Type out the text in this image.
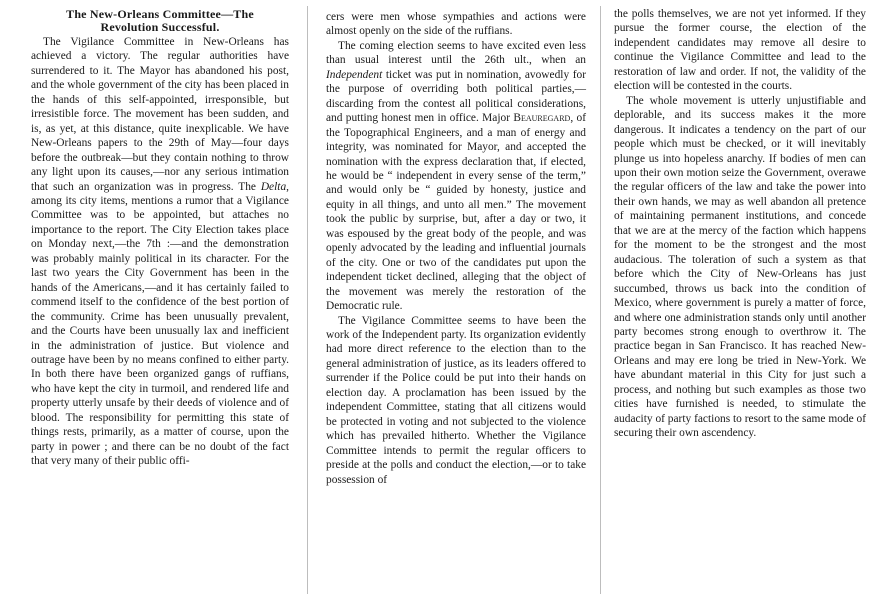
The New-Orleans Committee—The
Revolution Successful.

The Vigilance Committee in New-Orleans has achieved a victory. The regular authorities have surrendered to it. The Mayor has abandoned his post, and the whole government of the city has been placed in the hands of this self-appointed, irresponsible, but irresistible force. The movement has been sudden, and is, as yet, at this distance, quite inexplicable. We have New-Orleans papers to the 29th of May—four days before the outbreak—but they contain nothing to throw any light upon its causes,—nor any serious intimation that such an organization was in progress. The Delta, among its city items, mentions a rumor that a Vigilance Committee was to be appointed, but attaches no importance to the report. The City Election takes place on Monday next,—the 7th :—and the demonstration was probably mainly political in its character. For the last two years the City Government has been in the hands of the Americans,—and it has certainly failed to commend itself to the confidence of the best portion of the community. Crime has been unusually prevalent, and the Courts have been unusually lax and inefficient in the administration of justice. But violence and outrage have been by no means confined to either party. In both there have been organized gangs of ruffians, who have kept the city in turmoil, and rendered life and property utterly unsafe by their deeds of violence and of blood. The responsibility for permitting this state of things rests, primarily, as a matter of course, upon the party in power ; and there can be no doubt of the fact that very many of their public offi-

cers were men whose sympathies and actions were almost openly on the side of the ruffians.

The coming election seems to have excited even less than usual interest until the 26th ult., when an Independent ticket was put in nomination, avowedly for the purpose of overriding both political parties,—discarding from the contest all political considerations, and putting honest men in office. Major Beauregard, of the Topographical Engineers, and a man of energy and integrity, was nominated for Mayor, and accepted the nomination with the express declaration that, if elected, he would be “ independent in every sense of the term,” and would only be “ guided by honesty, justice and equity in all things, and unto all men.” The movement took the public by surprise, but, after a day or two, it was espoused by the great body of the people, and was openly advocated by the leading and influential journals of the city. One or two of the candidates put upon the independent ticket declined, alleging that the object of the movement was merely the restoration of the Democratic rule.

The Vigilance Committee seems to have been the work of the Independent party. Its organization evidently had more direct reference to the election than to the general administration of justice, as its leaders offered to surrender if the Police could be put into their hands on election day. A proclamation has been issued by the independent Committee, stating that all citizens would be protected in voting and not subjected to the violence which has prevailed hitherto. Whether the Vigilance Committee intends to permit the regular officers to preside at the polls and conduct the election,—or to take possession of

the polls themselves, we are not yet informed. If they pursue the former course, the election of the independent candidates may remove all desire to continue the Vigilance Committee and lead to the restoration of law and order. If not, the validity of the election will be contested in the courts.

The whole movement is utterly unjustifiable and deplorable, and its success makes it the more dangerous. It indicates a tendency on the part of our people which must be checked, or it will inevitably plunge us into hopeless anarchy. If bodies of men can upon their own motion seize the Government, overawe the regular officers of the law and take the power into their own hands, we may as well abandon all pretence of maintaining permanent institutions, and concede that we are at the mercy of the faction which happens for the moment to be the strongest and the most audacious. The toleration of such a system as that before which the City of New-Orleans has just succumbed, throws us back into the condition of Mexico, where government is purely a matter of force, and where one administration stands only until another party becomes strong enough to overthrow it. The practice began in San Francisco. It has reached New-Orleans and may ere long be tried in New-York. We have abundant material in this City for just such a process, and nothing but such examples as those two cities have furnished is needed, to stimulate the audacity of party factions to resort to the same mode of securing their own ascendency.
